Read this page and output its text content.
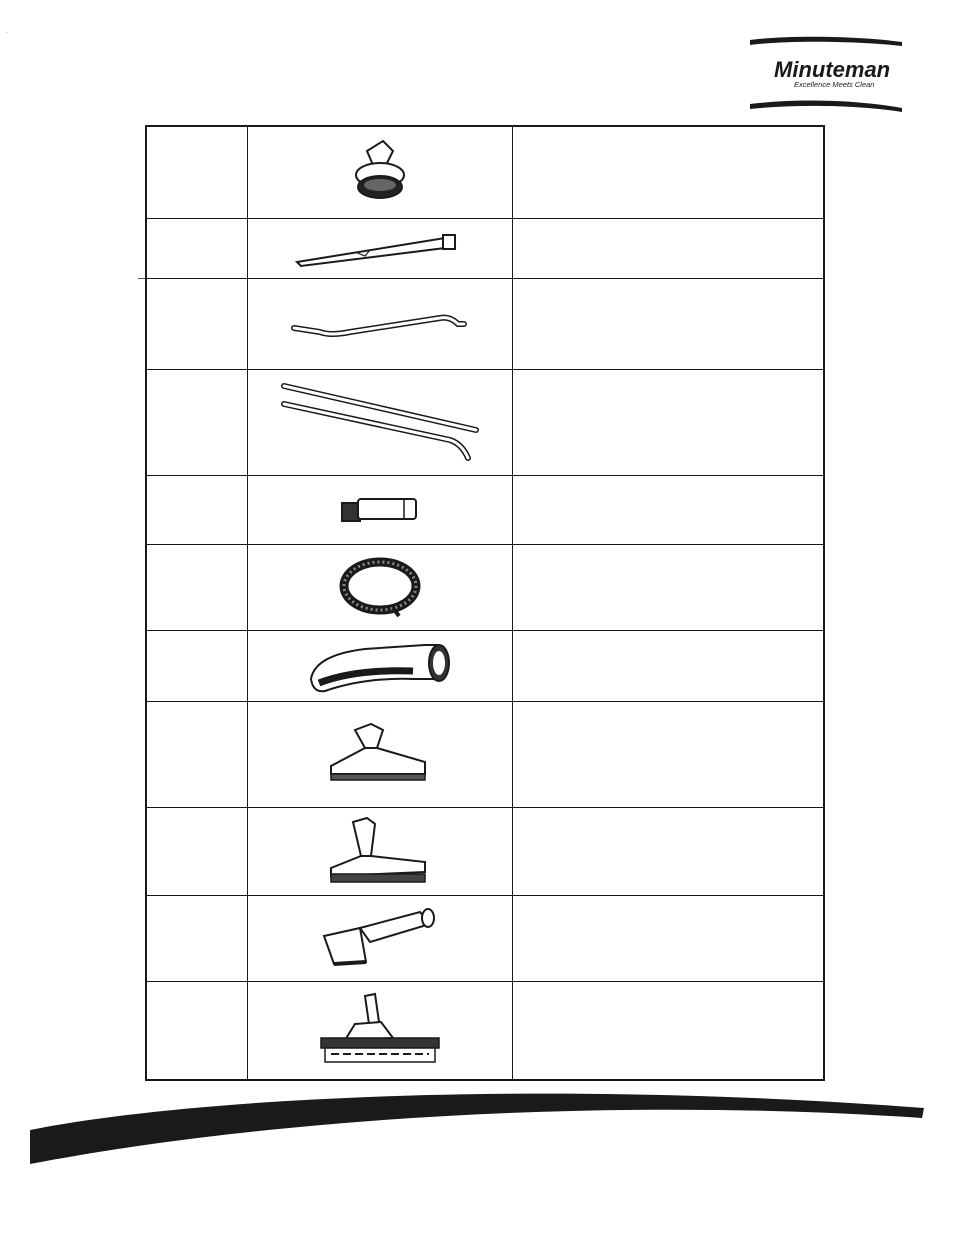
·
Minuteman
Excellence Meets Clean
